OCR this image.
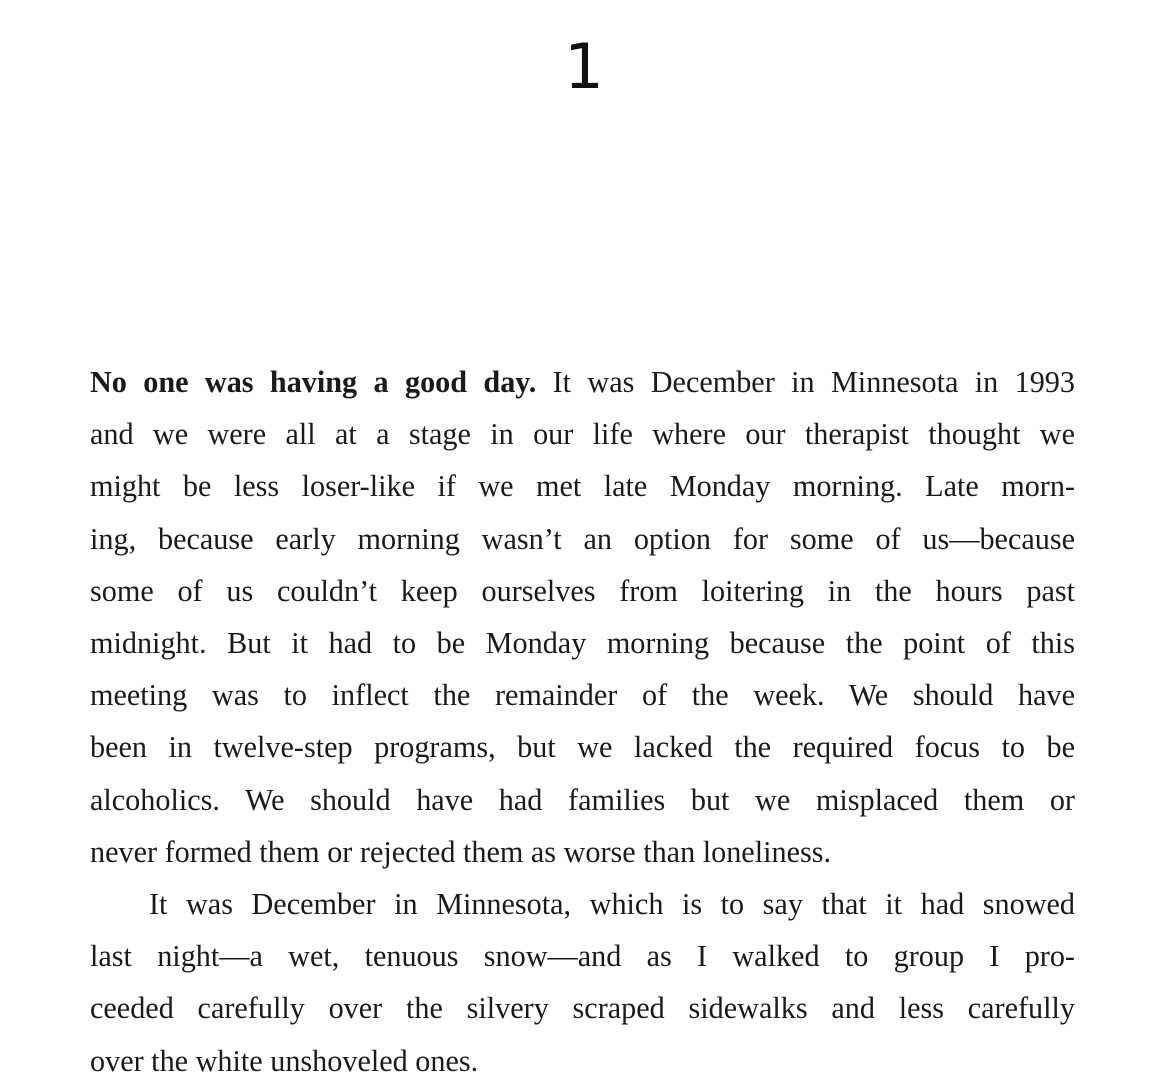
1

No one was having a good day. It was December in Minnesota in 1993
and we were all at a stage in our life where our therapist thought we
might be less loser-like if we met late Monday morning. Late morn-
ing, because early morning wasn’t an option for some of us—because
some of us couldn’t keep ourselves from loitering in the hours past
midnight. But it had to be Monday morning because the point of this
meeting was to inflect the remainder of the week. We should have
been in twelve-step programs, but we lacked the required focus to be
alcoholics. We should have had families but we misplaced them or
never formed them or rejected them as worse than loneliness.

It was December in Minnesota, which is to say that it had snowed
last night—a wet, tenuous snow—and as I walked to group I pro-
ceeded carefully over the silvery scraped sidewalks and less carefully
over the white unshoveled ones.
